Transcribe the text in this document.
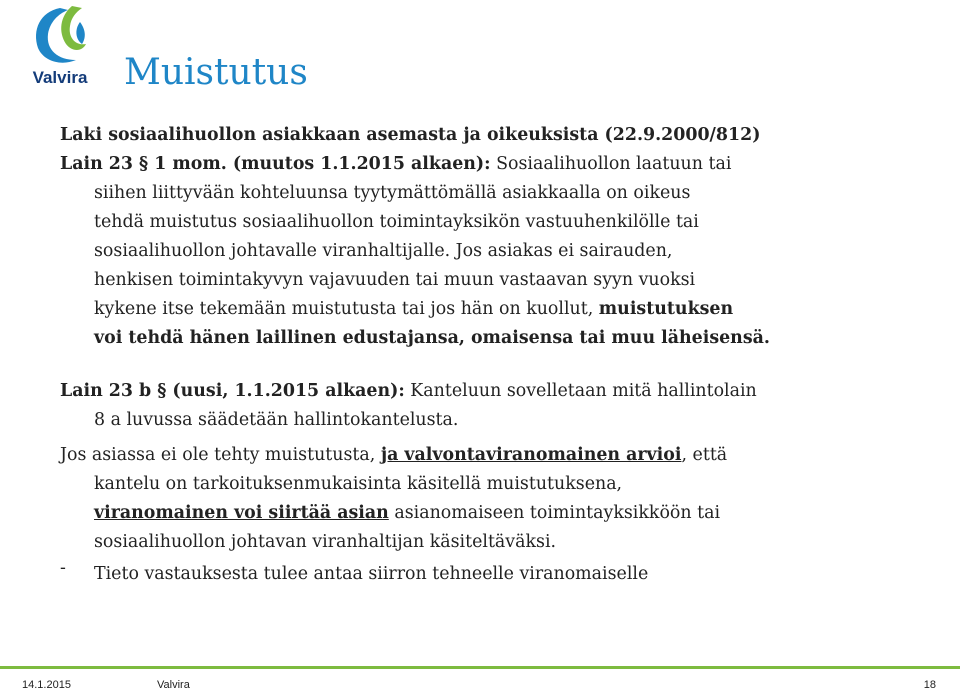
Valvira	Muistutus
Laki sosiaalihuollon asiakkaan asemasta ja oikeuksista (22.9.2000/812)
Lain 23 § 1 mom. (muutos 1.1.2015 alkaen): Sosiaalihuollon laatuun tai
siihen liittyvään kohteluunsa tyytymättömällä asiakkaalla on oikeus
tehdä muistutus sosiaalihuollon toimintayksikön vastuuhenkilölle tai
sosiaalihuollon johtavalle viranhaltijalle. Jos asiakas ei sairauden,
henkisen toimintakyvyn vajavuuden tai muun vastaavan syyn vuoksi
kykene itse tekemään muistutusta tai jos hän on kuollut, muistutuksen
voi tehdä hänen laillinen edustajansa, omaisensa tai muu läheisensä.
Lain 23 b § (uusi, 1.1.2015 alkaen): Kanteluun sovelletaan mitä hallintolain
8 a luvussa säädetään hallintokantelusta.
Jos asiassa ei ole tehty muistutusta, ja valvontaviranomainen arvioi, että
kantelu on tarkoituksenmukaisinta käsitellä muistutuksena,
viranomainen voi siirtää asian asianomaiseen toimintayksikköön tai
sosiaalihuollon johtavan viranhaltijan käsiteltäväksi.
- Tieto vastauksesta tulee antaa siirron tehneelle viranomaiselle
14.1.2015	Valvira	18
